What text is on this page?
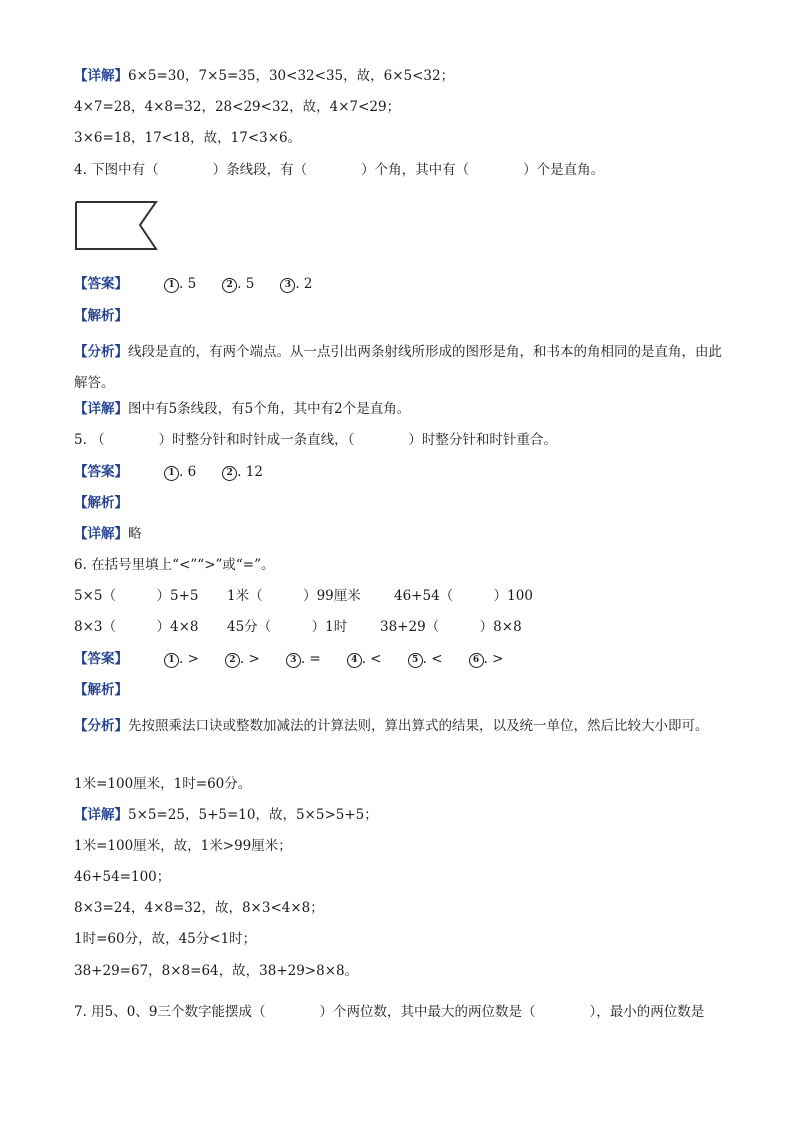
【详解】6×5=30，7×5=35，30<32<35，故，6×5<32；
4×7=28，4×8=32，28<29<32，故，4×7<29；
3×6=18，17<18，故，17<3×6。
4. 下图中有（　　　　）条线段，有（　　　　）个角，其中有（　　　　）个是直角。
【答案】	1 . 5	2 . 5	3 . 2
【解析】
【分析】线段是直的，有两个端点。从一点引出两条射线所形成的图形是角，和书本的角相同的是直角，由此解答。
【详解】图中有5条线段，有5个角，其中有2个是直角。
5. （　　　　）时整分针和时针成一条直线，（　　　　）时整分针和时针重合。
【答案】	1 . 6	2 . 12
【解析】
【详解】略
6. 在括号里填上“<”“>”或“=”。
5×5（　　　）5+5 1米（　　　）99厘米 46+54（　　　）100
8×3（　　　）4×8 45分（　　　）1时 38+29（　　　）8×8
【答案】	1 . >	2 . >	3 . =	4 . <	5 . <	6 . >
【解析】
【分析】先按照乘法口诀或整数加减法的计算法则，算出算式的结果，以及统一单位，然后比较大小即可。
1米=100厘米，1时=60分。
【详解】5×5=25，5+5=10，故，5×5>5+5；
1米=100厘米，故，1米>99厘米；
46+54=100；
8×3=24，4×8=32，故，8×3<4×8；
1时=60分，故，45分<1时；
38+29=67，8×8=64，故，38+29>8×8。
7. 用5、0、9三个数字能摆成（　　　　）个两位数，其中最大的两位数是（　　　　），最小的两位数是
